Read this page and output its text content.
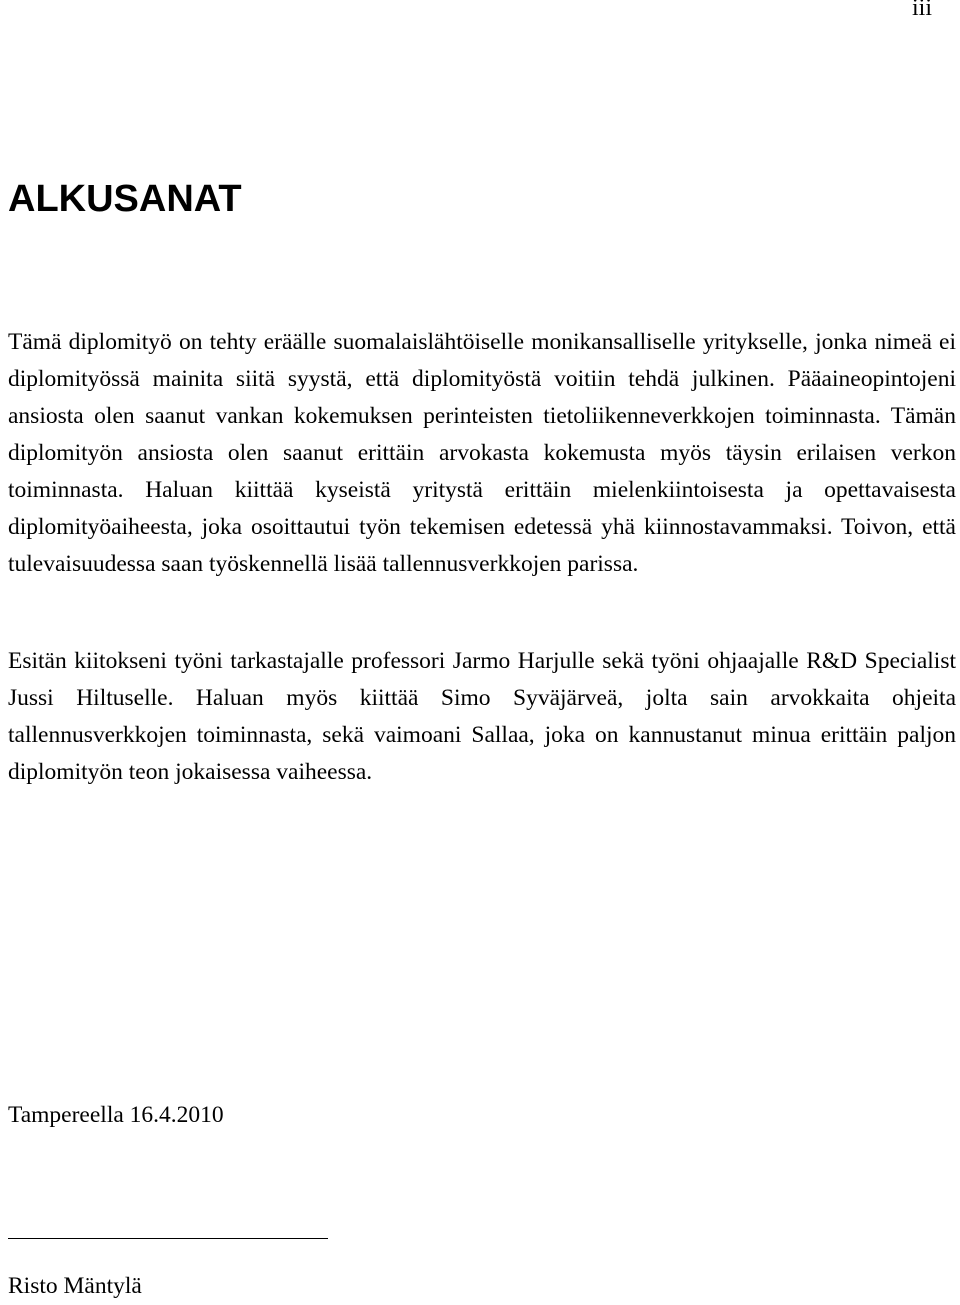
iii
ALKUSANAT

Tämä diplomityö on tehty eräälle suomalaislähtöiselle monikansalliselle yritykselle, jonka nimeä ei diplomityössä mainita siitä syystä, että diplomityöstä voitiin tehdä julkinen. Pääaineopintojeni ansiosta olen saanut vankan kokemuksen perinteisten tietoliikenneverkkojen toiminnasta. Tämän diplomityön ansiosta olen saanut erittäin arvokasta kokemusta myös täysin erilaisen verkon toiminnasta. Haluan kiittää kyseistä yritystä erittäin mielenkiintoisesta ja opettavaisesta diplomityöaiheesta, joka osoittautui työn tekemisen edetessä yhä kiinnostavammaksi. Toivon, että tulevaisuudessa saan työskennellä lisää tallennusverkkojen parissa.

Esitän kiitokseni työni tarkastajalle professori Jarmo Harjulle sekä työni ohjaajalle R&D Specialist Jussi Hiltuselle. Haluan myös kiittää Simo Syväjärveä, jolta sain arvokkaita ohjeita tallennusverkkojen toiminnasta, sekä vaimoani Sallaa, joka on kannustanut minua erittäin paljon diplomityön teon jokaisessa vaiheessa.

Tampereella 16.4.2010
Risto Mäntylä
